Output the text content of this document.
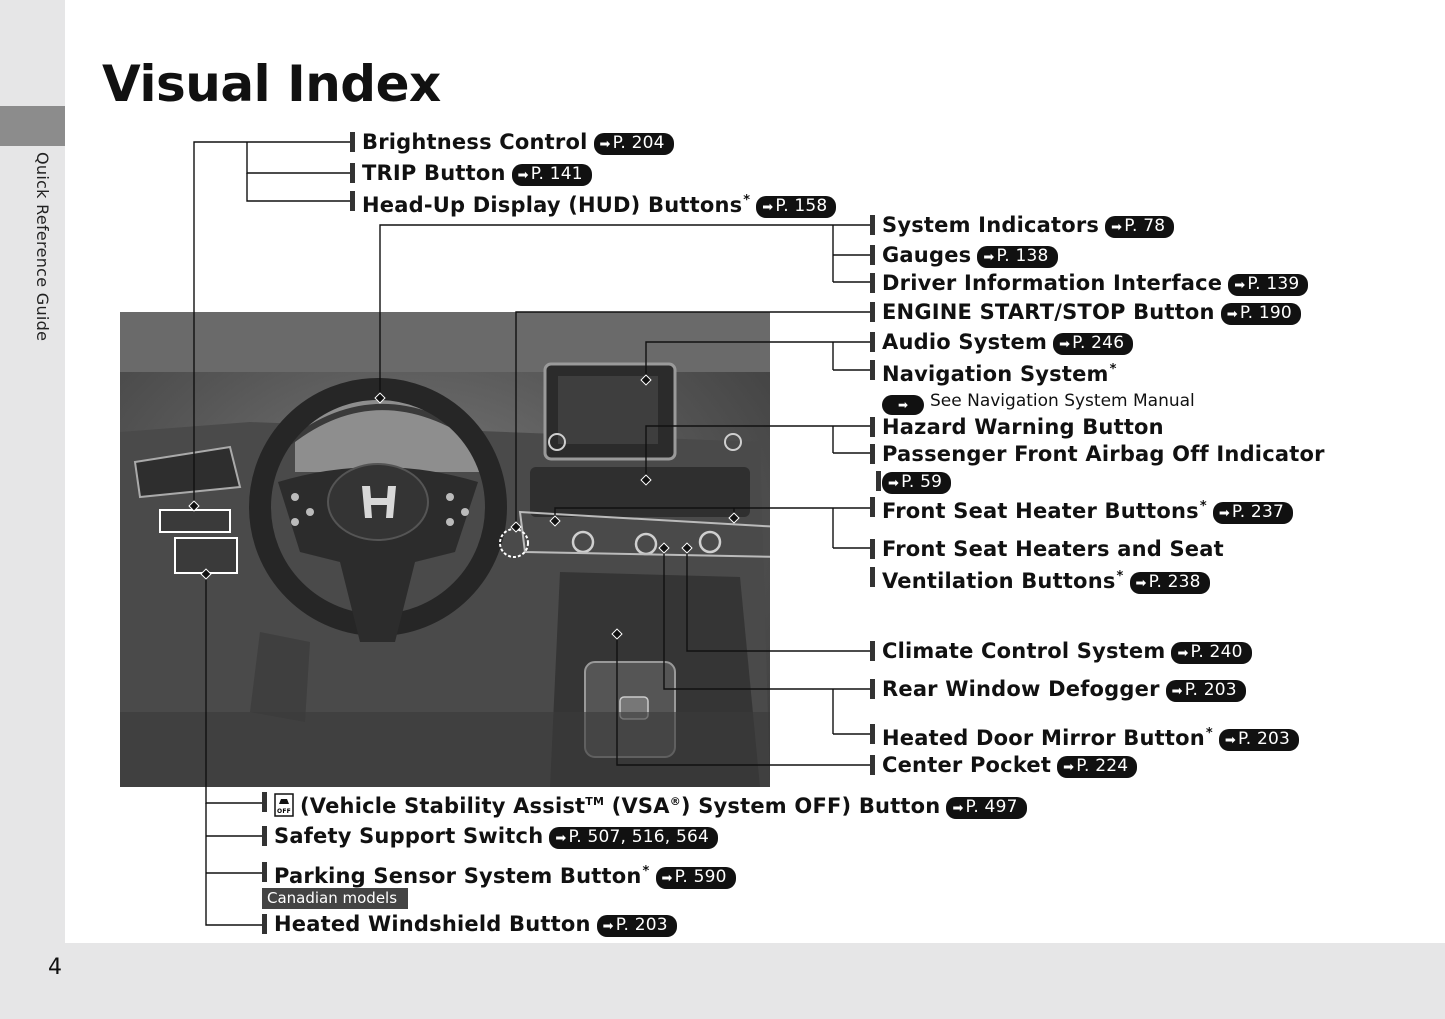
Quick Reference Guide
4
Visual Index
Brightness Control ➡ P. 204
TRIP Button ➡ P. 141
Head-Up Display (HUD) Buttons* ➡ P. 158
System Indicators ➡ P. 78
Gauges ➡ P. 138
Driver Information Interface ➡ P. 139
ENGINE START/STOP Button ➡ P. 190
Audio System ➡ P. 246
Navigation System*
➡ See Navigation System Manual
Hazard Warning Button
Passenger Front Airbag Off Indicator
➡ P. 59
Front Seat Heater Buttons* ➡ P. 237
Front Seat Heaters and Seat
Ventilation Buttons* ➡ P. 238
Climate Control System ➡ P. 240
Rear Window Defogger ➡ P. 203
Heated Door Mirror Button* ➡ P. 203
Center Pocket ➡ P. 224
OFF (Vehicle Stability Assist™ (VSA®) System OFF) Button ➡ P. 497
Safety Support Switch ➡ P. 507, 516, 564
Parking Sensor System Button* ➡ P. 590
Canadian models
Heated Windshield Button ➡ P. 203
